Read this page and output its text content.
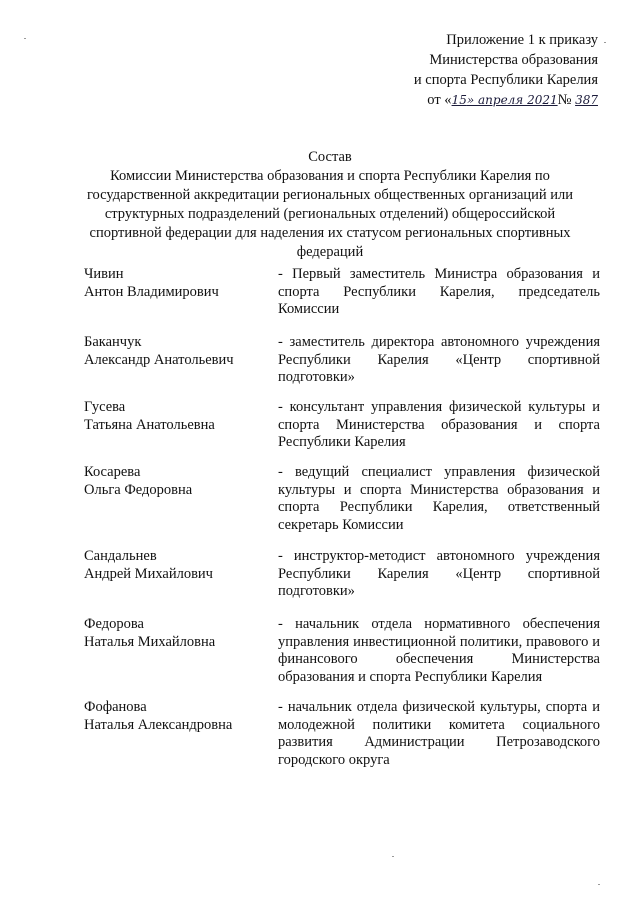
Приложение 1 к приказу
Министерства образования
и спорта Республики Карелия
от «15» апреля 2021№ 387
Состав
Комиссии Министерства образования и спорта Республики Карелия по государственной аккредитации региональных общественных организаций или структурных подразделений (региональных отделений) общероссийской спортивной федерации для наделения их статусом региональных спортивных федераций
Чивин
Антон Владимирович
- Первый заместитель Министра образования и спорта Республики Карелия, председатель Комиссии
Баканчук
Александр Анатольевич
- заместитель директора автономного учреждения Республики Карелия «Центр спортивной подготовки»
Гусева
Татьяна Анатольевна
- консультант управления физической культуры и спорта Министерства образования и спорта Республики Карелия
Косарева
Ольга Федоровна
- ведущий специалист управления физической культуры и спорта Министерства образования и спорта Республики Карелия, ответственный секретарь Комиссии
Сандальнев
Андрей Михайлович
- инструктор-методист автономного учреждения Республики Карелия «Центр спортивной подготовки»
Федорова
Наталья Михайловна
- начальник отдела нормативного обеспечения управления инвестиционной политики, правового и финансового обеспечения Министерства образования и спорта Республики Карелия
Фофанова
Наталья Александровна
- начальник отдела физической культуры, спорта и молодежной политики комитета социального развития Администрации Петрозаводского городского округа
